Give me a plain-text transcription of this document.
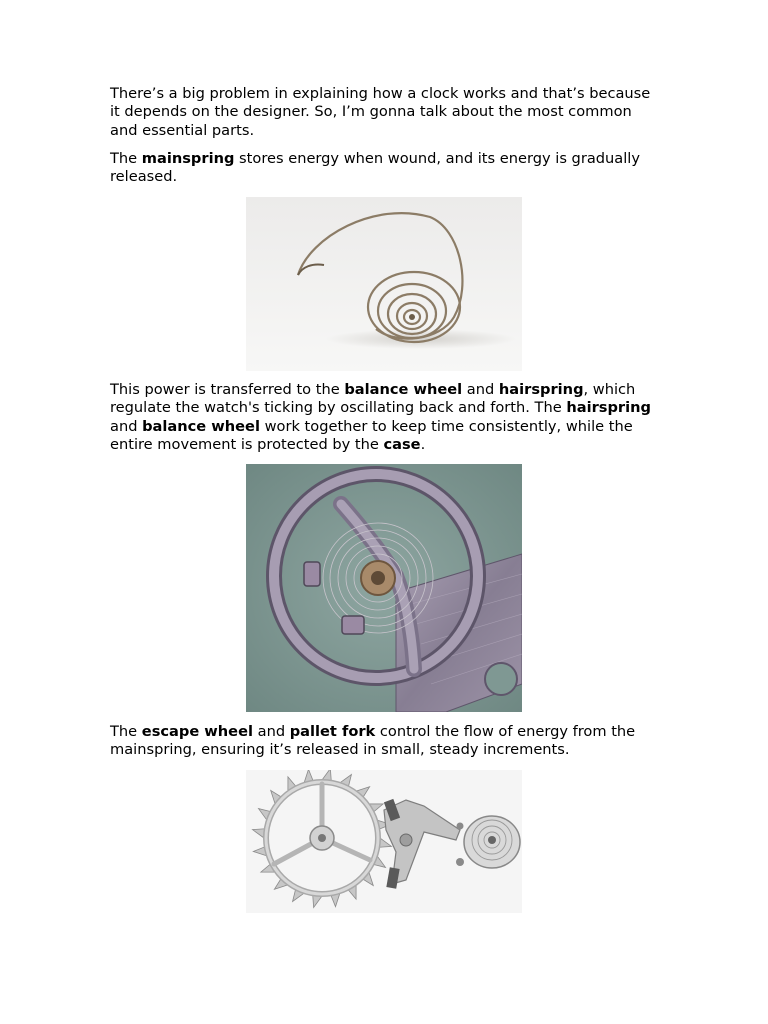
There’s a big problem in explaining how a clock works and that’s because it depends on the designer. So, I’m gonna talk about the most common and essential parts.

The mainspring stores energy when wound, and its energy is gradually released.

This power is transferred to the balance wheel and hairspring, which regulate the watch's ticking by oscillating back and forth. The hairspring and balance wheel work together to keep time consistently, while the entire movement is protected by the case.

The escape wheel and pallet fork control the flow of energy from the mainspring, ensuring it’s released in small, steady increments.
